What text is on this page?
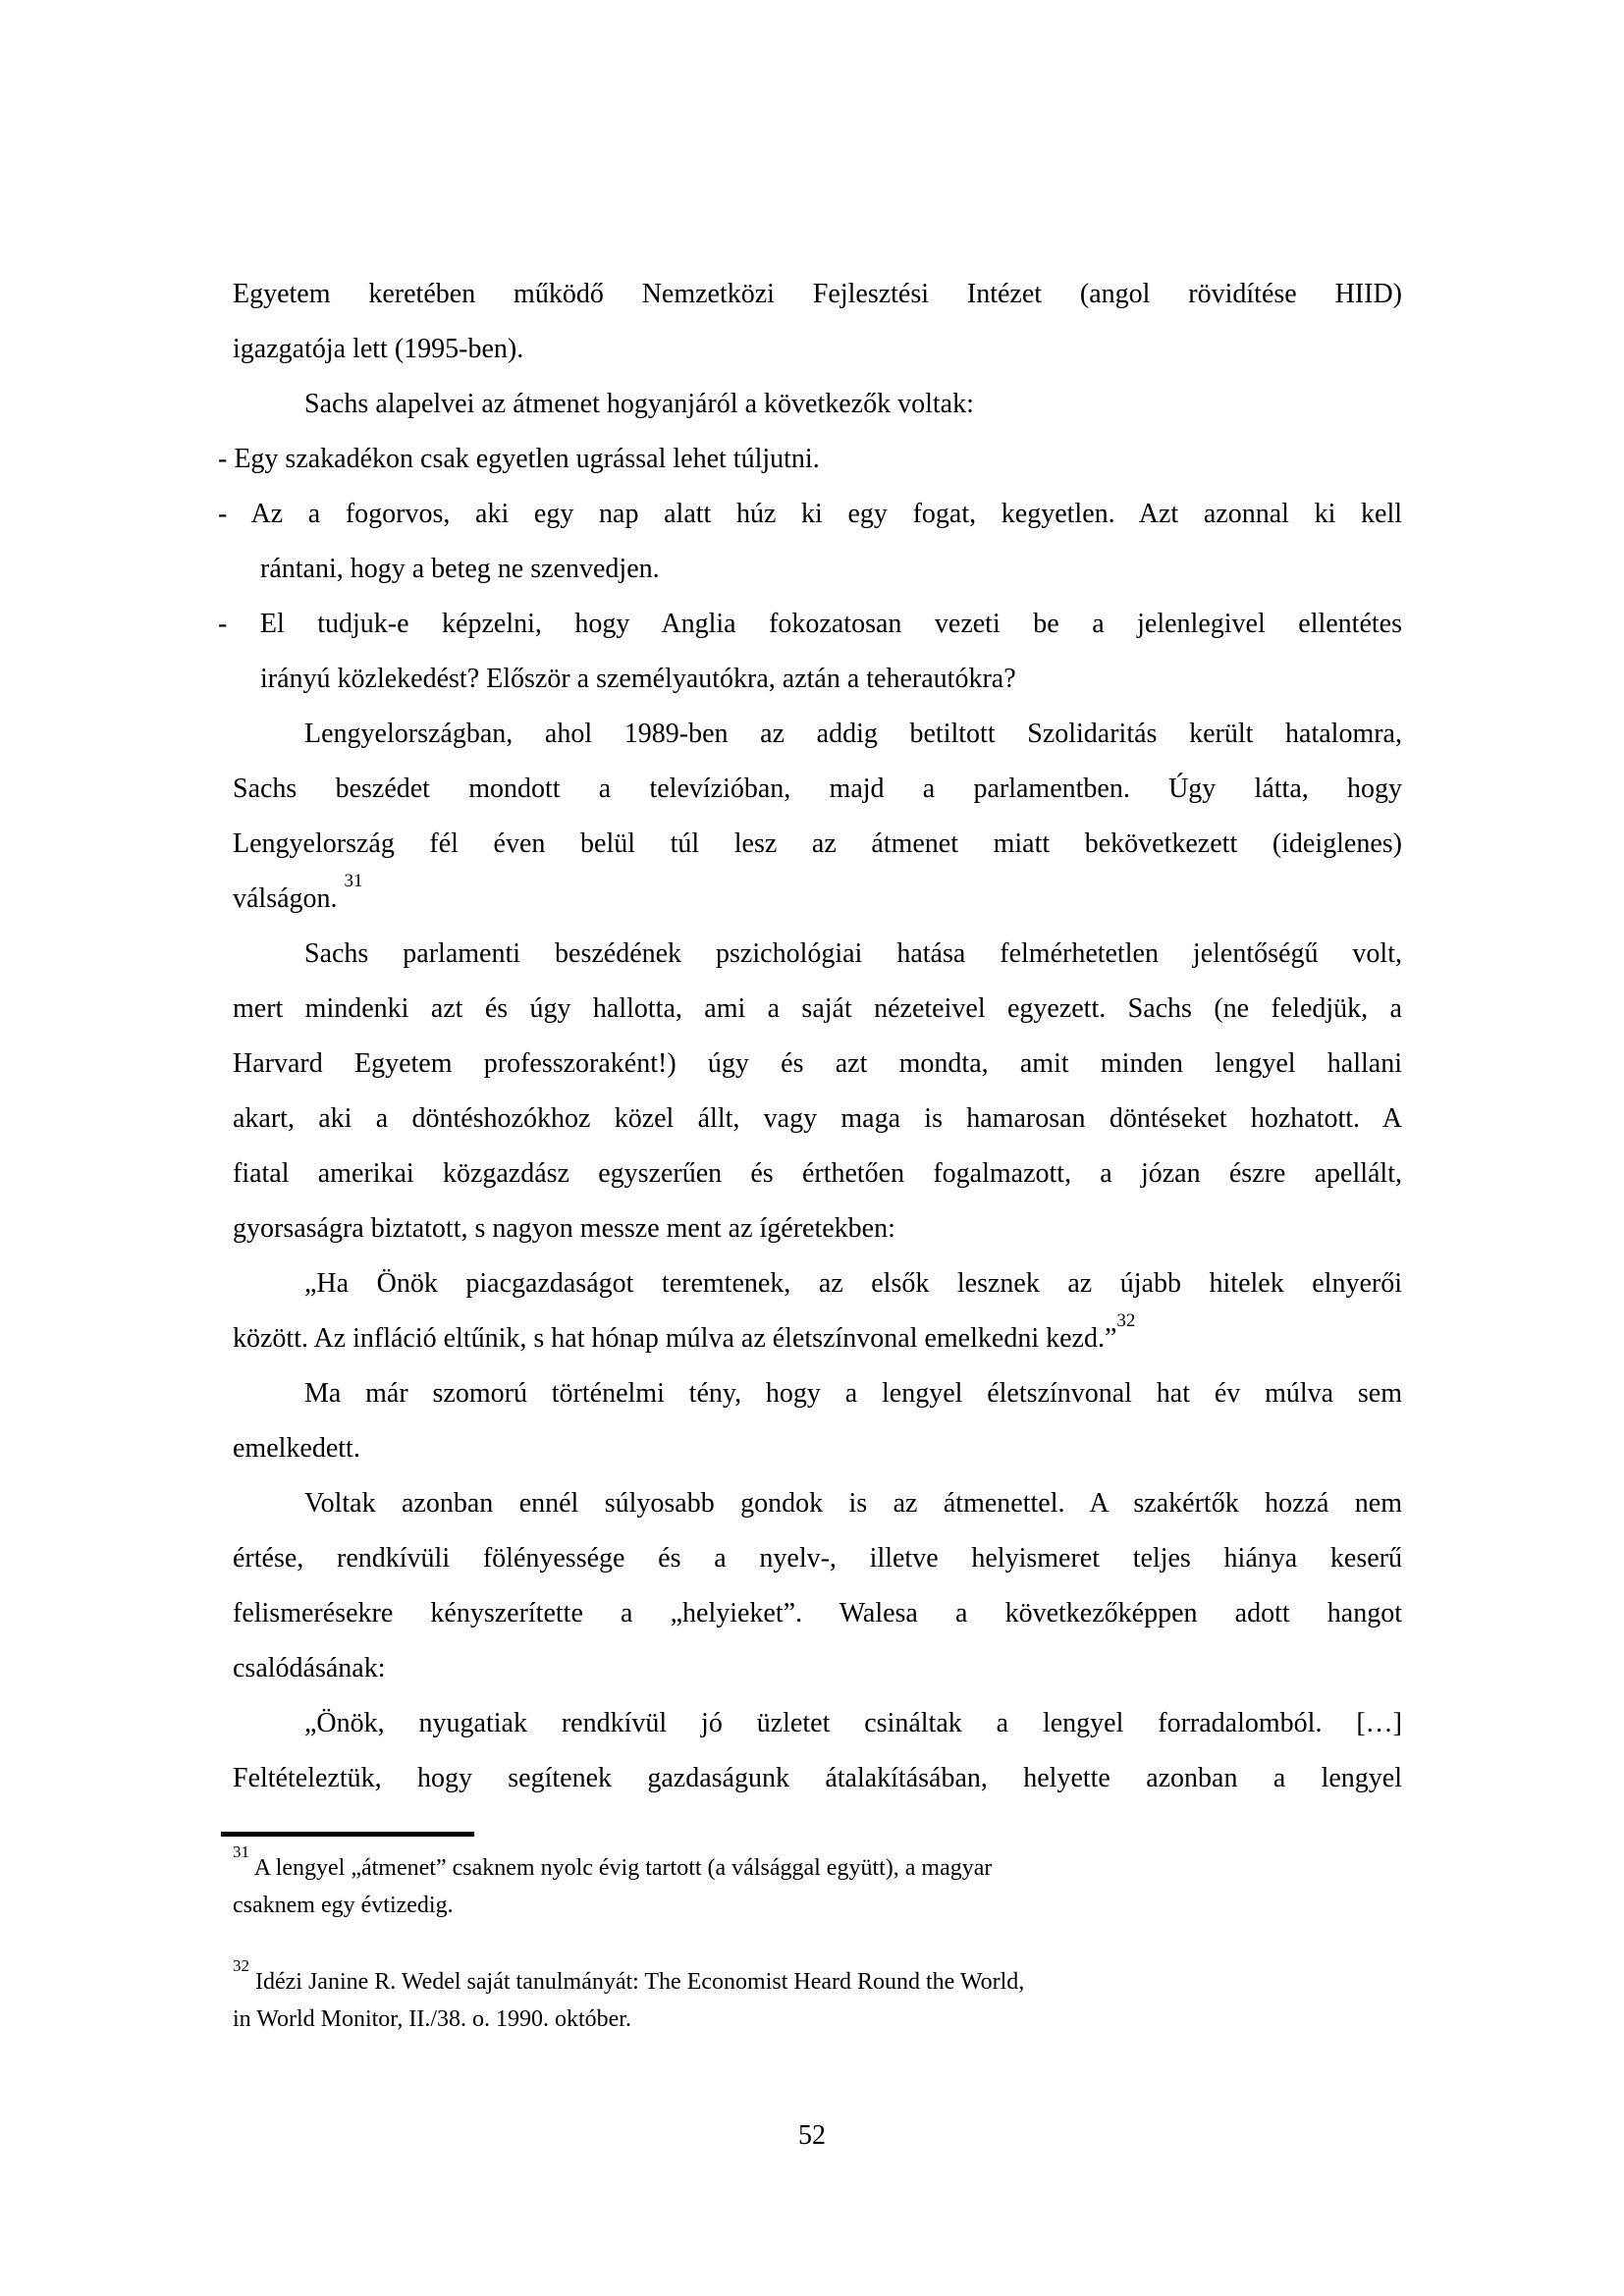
Egyetem keretében működő Nemzetközi Fejlesztési Intézet (angol rövidítése HIID)
igazgatója lett (1995-ben).
Sachs alapelvei az átmenet hogyanjáról a következők voltak:
- Egy szakadékon csak egyetlen ugrással lehet túljutni.
- Az a fogorvos, aki egy nap alatt húz ki egy fogat, kegyetlen. Azt azonnal ki kell
rántani, hogy a beteg ne szenvedjen.
- El tudjuk-e képzelni, hogy Anglia fokozatosan vezeti be a jelenlegivel ellentétes
irányú közlekedést? Először a személyautókra, aztán a teherautókra?
Lengyelországban, ahol 1989-ben az addig betiltott Szolidaritás került hatalomra,
Sachs beszédet mondott a televízióban, majd a parlamentben. Úgy látta, hogy
Lengyelország fél éven belül túl lesz az átmenet miatt bekövetkezett (ideiglenes)
válságon. $^{31}$
Sachs parlamenti beszédének pszichológiai hatása felmérhetetlen jelentőségű volt,
mert mindenki azt és úgy hallotta, ami a saját nézeteivel egyezett. Sachs (ne feledjük, a
Harvard Egyetem professzoraként!) úgy és azt mondta, amit minden lengyel hallani
akart, aki a döntéshozókhoz közel állt, vagy maga is hamarosan döntéseket hozhatott. A
fiatal amerikai közgazdász egyszerűen és érthetően fogalmazott, a józan észre apellált,
gyorsaságra biztatott, s nagyon messze ment az ígéretekben:
„Ha Önök piacgazdaságot teremtenek, az elsők lesznek az újabb hitelek elnyerői
között. Az infláció eltűnik, s hat hónap múlva az életszínvonal emelkedni kezd.”$^{32}$
Ma már szomorú történelmi tény, hogy a lengyel életszínvonal hat év múlva sem
emelkedett.
Voltak azonban ennél súlyosabb gondok is az átmenettel. A szakértők hozzá nem
értése, rendkívüli fölényessége és a nyelv-, illetve helyismeret teljes hiánya keserű
felismerésekre kényszerítette a „helyieket”. Walesa a következőképpen adott hangot
csalódásának:
„Önök, nyugatiak rendkívül jó üzletet csináltak a lengyel forradalomból. […]
Feltételeztük, hogy segítenek gazdaságunk átalakításában, helyette azonban a lengyel
$^{31}$ A lengyel „átmenet” csaknem nyolc évig tartott (a válsággal együtt), a magyar
csaknem egy évtizedig.
$^{32}$ Idézi Janine R. Wedel saját tanulmányát: The Economist Heard Round the World,
in World Monitor, II./38. o. 1990. október.
52
